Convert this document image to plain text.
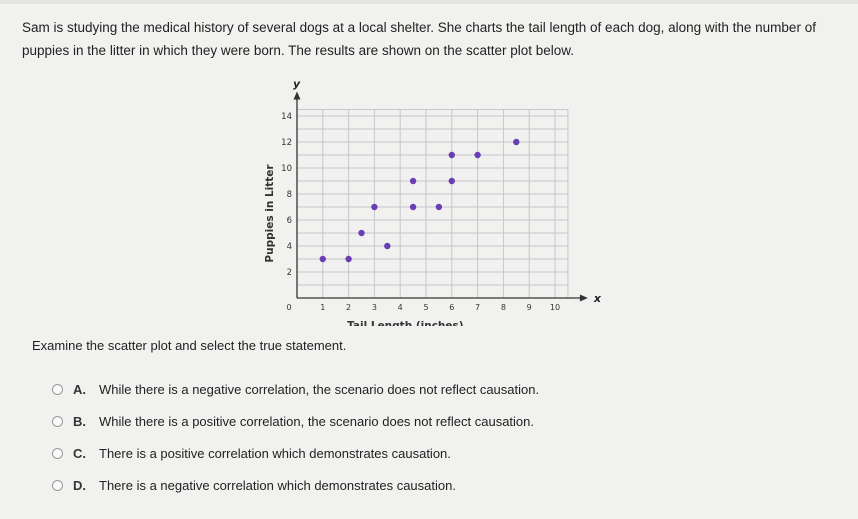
Sam is studying the medical history of several dogs at a local shelter. She charts the tail length of each dog, along with the number of puppies in the litter in which they were born. The results are shown on the scatter plot below.
x
y
0	1	2	3	4	5	6	7	8	9 10
2
4
6
8
10
12
14
Tail Length (inches)
Puppies in Litter
Examine the scatter plot and select the true statement.
A.	While there is a negative correlation, the scenario does not reflect causation.
B.	While there is a positive correlation, the scenario does not reflect causation.
C.	There is a positive correlation which demonstrates causation.
D.	There is a negative correlation which demonstrates causation.
